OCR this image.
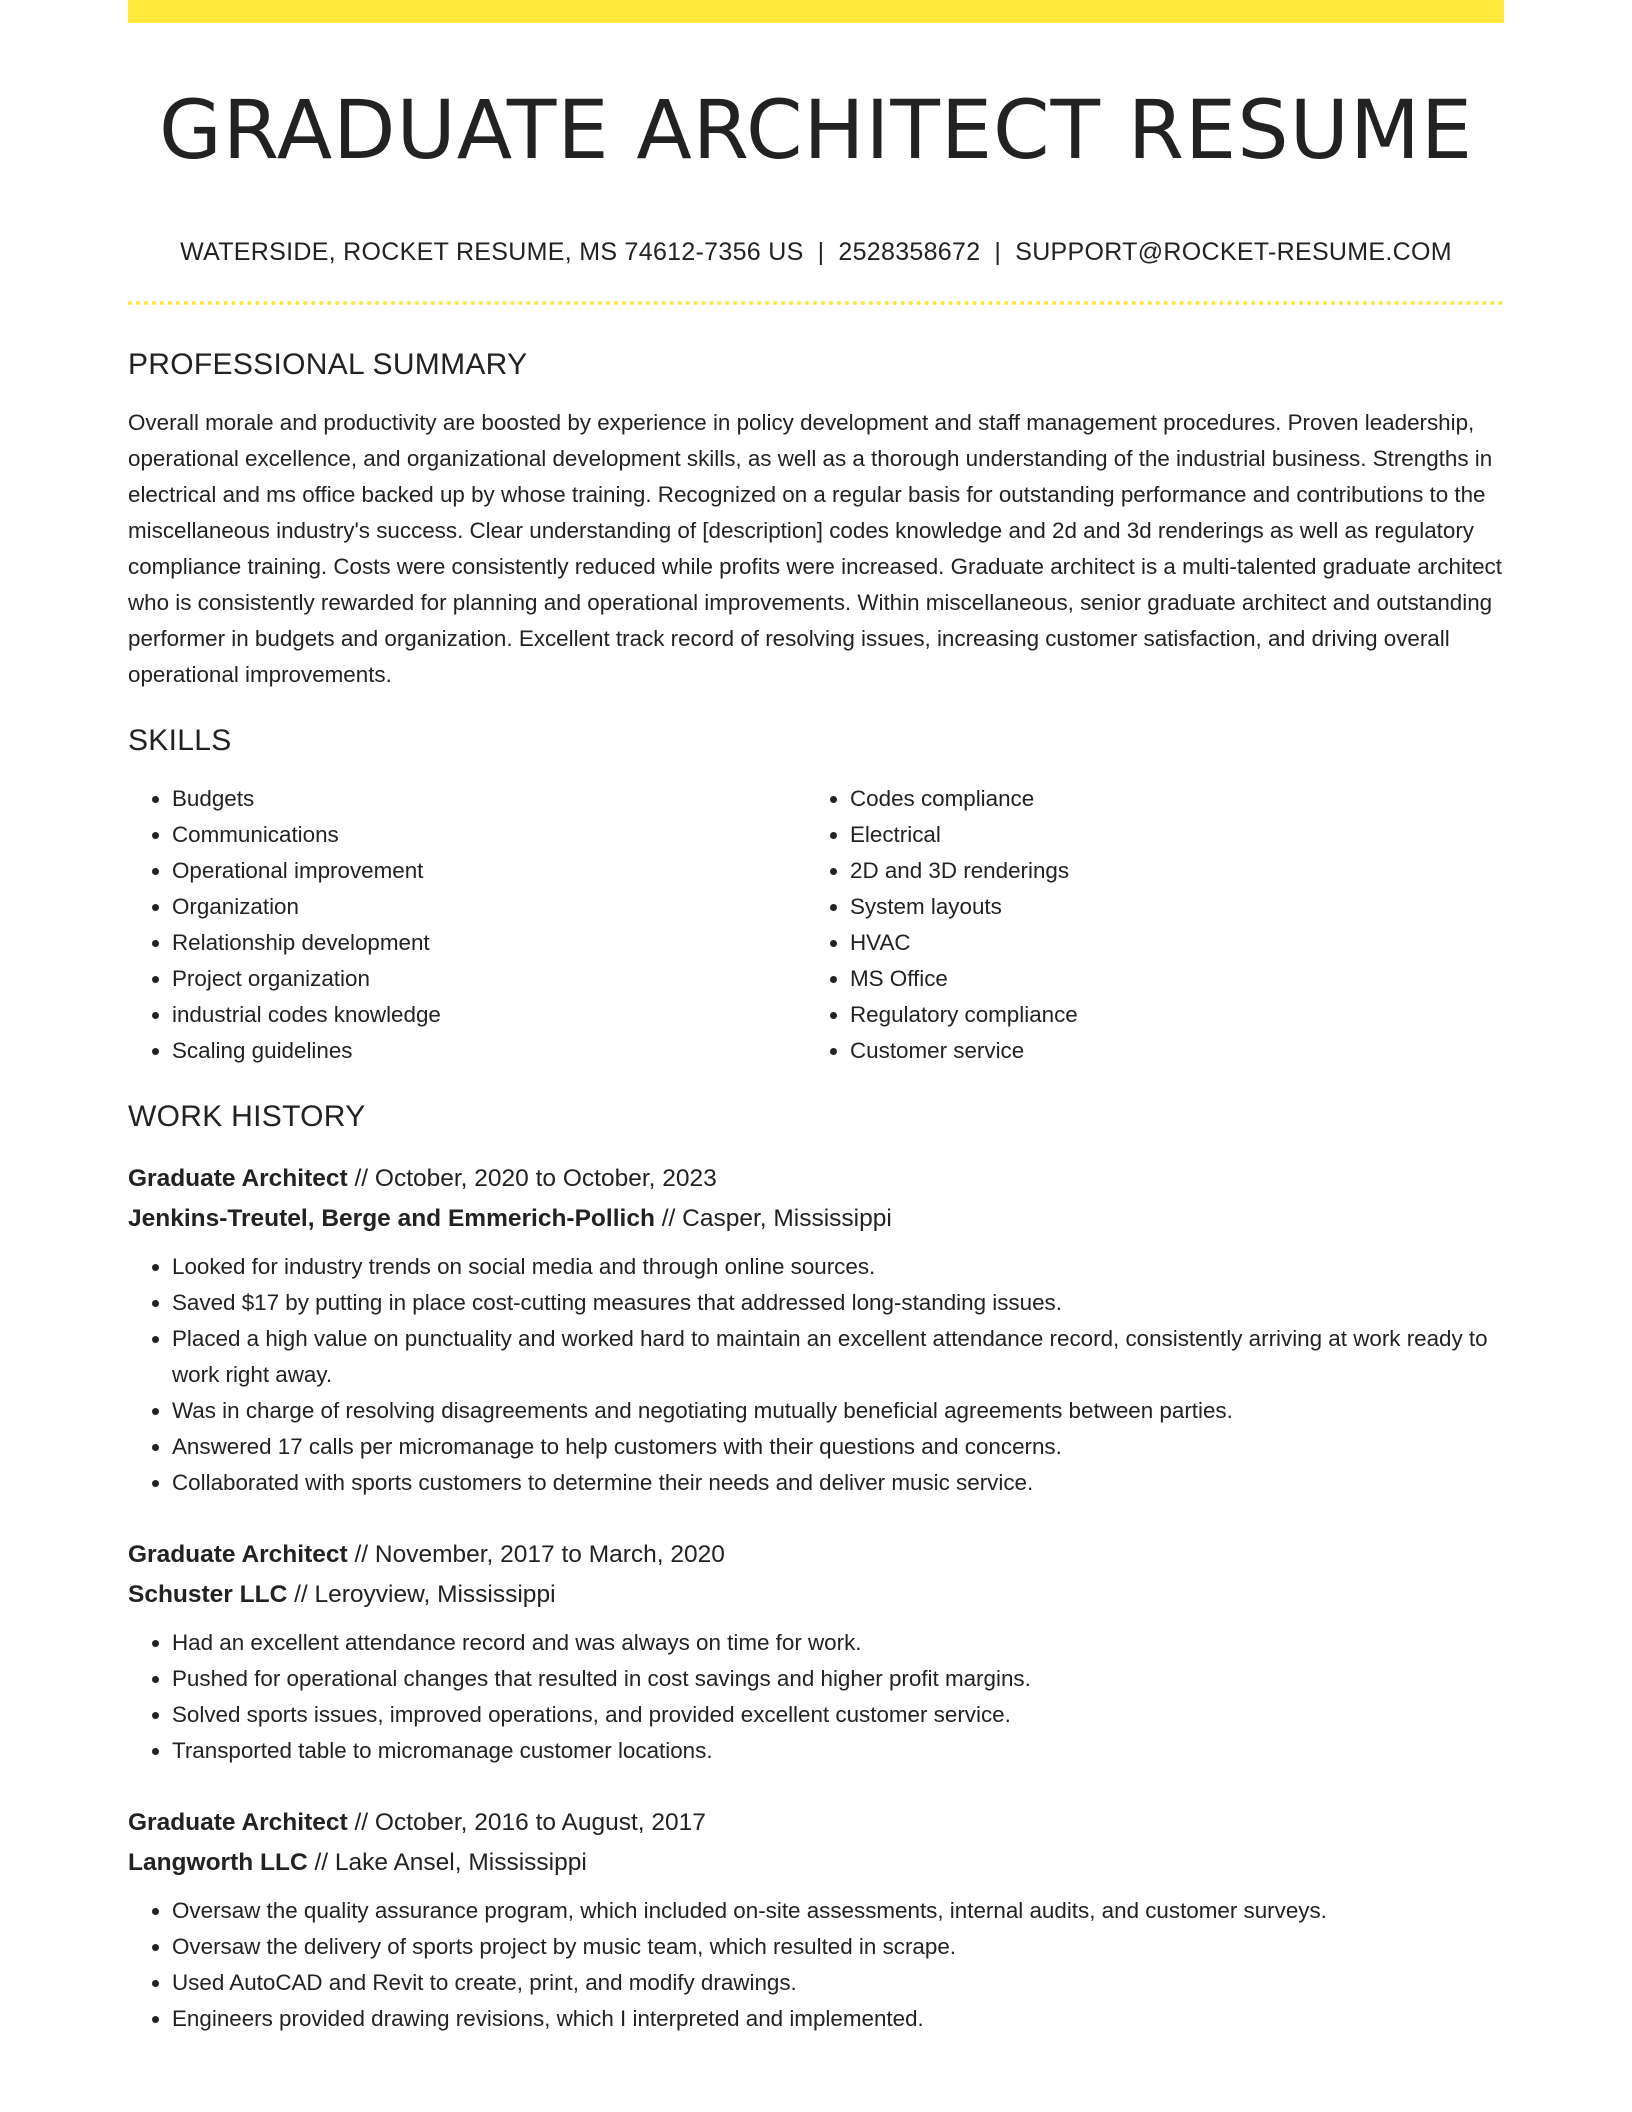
GRADUATE ARCHITECT RESUME
WATERSIDE, ROCKET RESUME, MS 74612-7356 US | 2528358672 | SUPPORT@ROCKET-RESUME.COM
PROFESSIONAL SUMMARY
Overall morale and productivity are boosted by experience in policy development and staff management procedures. Proven leadership, operational excellence, and organizational development skills, as well as a thorough understanding of the industrial business. Strengths in electrical and ms office backed up by whose training. Recognized on a regular basis for outstanding performance and contributions to the miscellaneous industry's success. Clear understanding of [description] codes knowledge and 2d and 3d renderings as well as regulatory compliance training. Costs were consistently reduced while profits were increased. Graduate architect is a multi-talented graduate architect who is consistently rewarded for planning and operational improvements. Within miscellaneous, senior graduate architect and outstanding performer in budgets and organization. Excellent track record of resolving issues, increasing customer satisfaction, and driving overall operational improvements.
SKILLS
• Budgets
• Communications
• Operational improvement
• Organization
• Relationship development
• Project organization
• industrial codes knowledge
• Scaling guidelines
• Codes compliance
• Electrical
• 2D and 3D renderings
• System layouts
• HVAC
• MS Office
• Regulatory compliance
• Customer service
WORK HISTORY
Graduate Architect // October, 2020 to October, 2023
Jenkins-Treutel, Berge and Emmerich-Pollich // Casper, Mississippi
• Looked for industry trends on social media and through online sources.
• Saved $17 by putting in place cost-cutting measures that addressed long-standing issues.
• Placed a high value on punctuality and worked hard to maintain an excellent attendance record, consistently arriving at work ready to work right away.
• Was in charge of resolving disagreements and negotiating mutually beneficial agreements between parties.
• Answered 17 calls per micromanage to help customers with their questions and concerns.
• Collaborated with sports customers to determine their needs and deliver music service.
Graduate Architect // November, 2017 to March, 2020
Schuster LLC // Leroyview, Mississippi
• Had an excellent attendance record and was always on time for work.
• Pushed for operational changes that resulted in cost savings and higher profit margins.
• Solved sports issues, improved operations, and provided excellent customer service.
• Transported table to micromanage customer locations.
Graduate Architect // October, 2016 to August, 2017
Langworth LLC // Lake Ansel, Mississippi
• Oversaw the quality assurance program, which included on-site assessments, internal audits, and customer surveys.
• Oversaw the delivery of sports project by music team, which resulted in scrape.
• Used AutoCAD and Revit to create, print, and modify drawings.
• Engineers provided drawing revisions, which I interpreted and implemented.
